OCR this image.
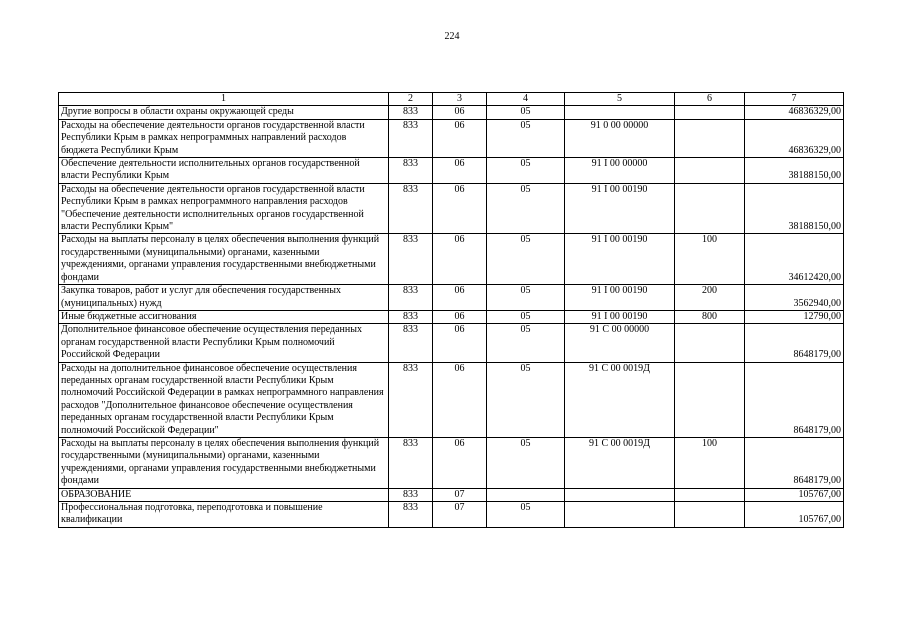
224
1	2	3	4	5	6	7
Другие вопросы в области охраны окружающей среды	833	06	05			46836329,00
Расходы на обеспечение деятельности органов государственной власти Республики Крым в рамках непрограммных направлений расходов бюджета Республики Крым	833	06	05	91 0 00 00000		46836329,00
Обеспечение деятельности исполнительных органов государственной власти Республики Крым	833	06	05	91 I 00 00000		38188150,00
Расходы на обеспечение деятельности органов государственной власти Республики Крым в рамках непрограммного направления расходов "Обеспечение деятельности исполнительных органов государственной власти Республики Крым"	833	06	05	91 I 00 00190		38188150,00
Расходы на выплаты персоналу в целях обеспечения выполнения функций государственными (муниципальными) органами, казенными учреждениями, органами управления государственными внебюджетными фондами	833	06	05	91 I 00 00190	100	34612420,00
Закупка товаров, работ и услуг для обеспечения государственных (муниципальных) нужд	833	06	05	91 I 00 00190	200	3562940,00
Иные бюджетные ассигнования	833	06	05	91 I 00 00190	800	12790,00
Дополнительное финансовое обеспечение осуществления переданных органам государственной власти Республики Крым полномочий Российской Федерации	833	06	05	91 С 00 00000		8648179,00
Расходы на дополнительное финансовое обеспечение осуществления переданных органам государственной власти Республики Крым полномочий Российской Федерации в рамках непрограммного направления расходов "Дополнительное финансовое обеспечение осуществления переданных органам государственной власти Республики Крым полномочий Российской Федерации"	833	06	05	91 С 00 0019Д		8648179,00
Расходы на выплаты персоналу в целях обеспечения выполнения функций государственными (муниципальными) органами, казенными учреждениями, органами управления государственными внебюджетными фондами	833	06	05	91 С 00 0019Д	100	8648179,00
ОБРАЗОВАНИЕ	833	07				105767,00
Профессиональная подготовка, переподготовка и повышение квалификации	833	07	05			105767,00
